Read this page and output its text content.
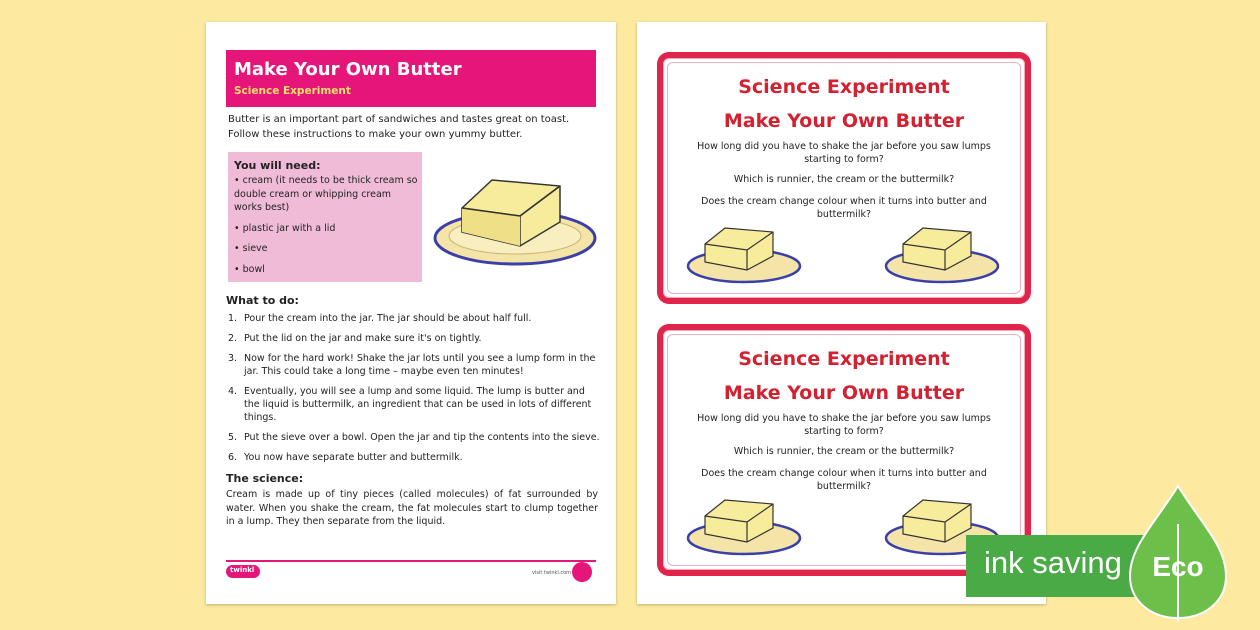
Make Your Own Butter
Science Experiment
Butter is an important part of sandwiches and tastes great on toast. Follow these instructions to make your own yummy butter.
You will need:
• cream (it needs to be thick cream so double cream or whipping cream works best)
• plastic jar with a lid
• sieve
• bowl
What to do:
1. Pour the cream into the jar. The jar should be about half full.
2. Put the lid on the jar and make sure it's on tightly.
3. Now for the hard work! Shake the jar lots until you see a lump form in the jar. This could take a long time – maybe even ten minutes!
4. Eventually, you will see a lump and some liquid. The lump is butter and the liquid is buttermilk, an ingredient that can be used in lots of different things.
5. Put the sieve over a bowl. Open the jar and tip the contents into the sieve.
6. You now have separate butter and buttermilk.
The science:
Cream is made up of tiny pieces (called molecules) of fat surrounded by water. When you shake the cream, the fat molecules start to clump together in a lump. They then separate from the liquid.
twinkl	visit twinkl.com
Science Experiment
Make Your Own Butter
How long did you have to shake the jar before you saw lumps starting to form?
Which is runnier, the cream or the buttermilk?
Does the cream change colour when it turns into butter and buttermilk?
Science Experiment
Make Your Own Butter
How long did you have to shake the jar before you saw lumps starting to form?
Which is runnier, the cream or the buttermilk?
Does the cream change colour when it turns into butter and buttermilk?
ink saving Eco
